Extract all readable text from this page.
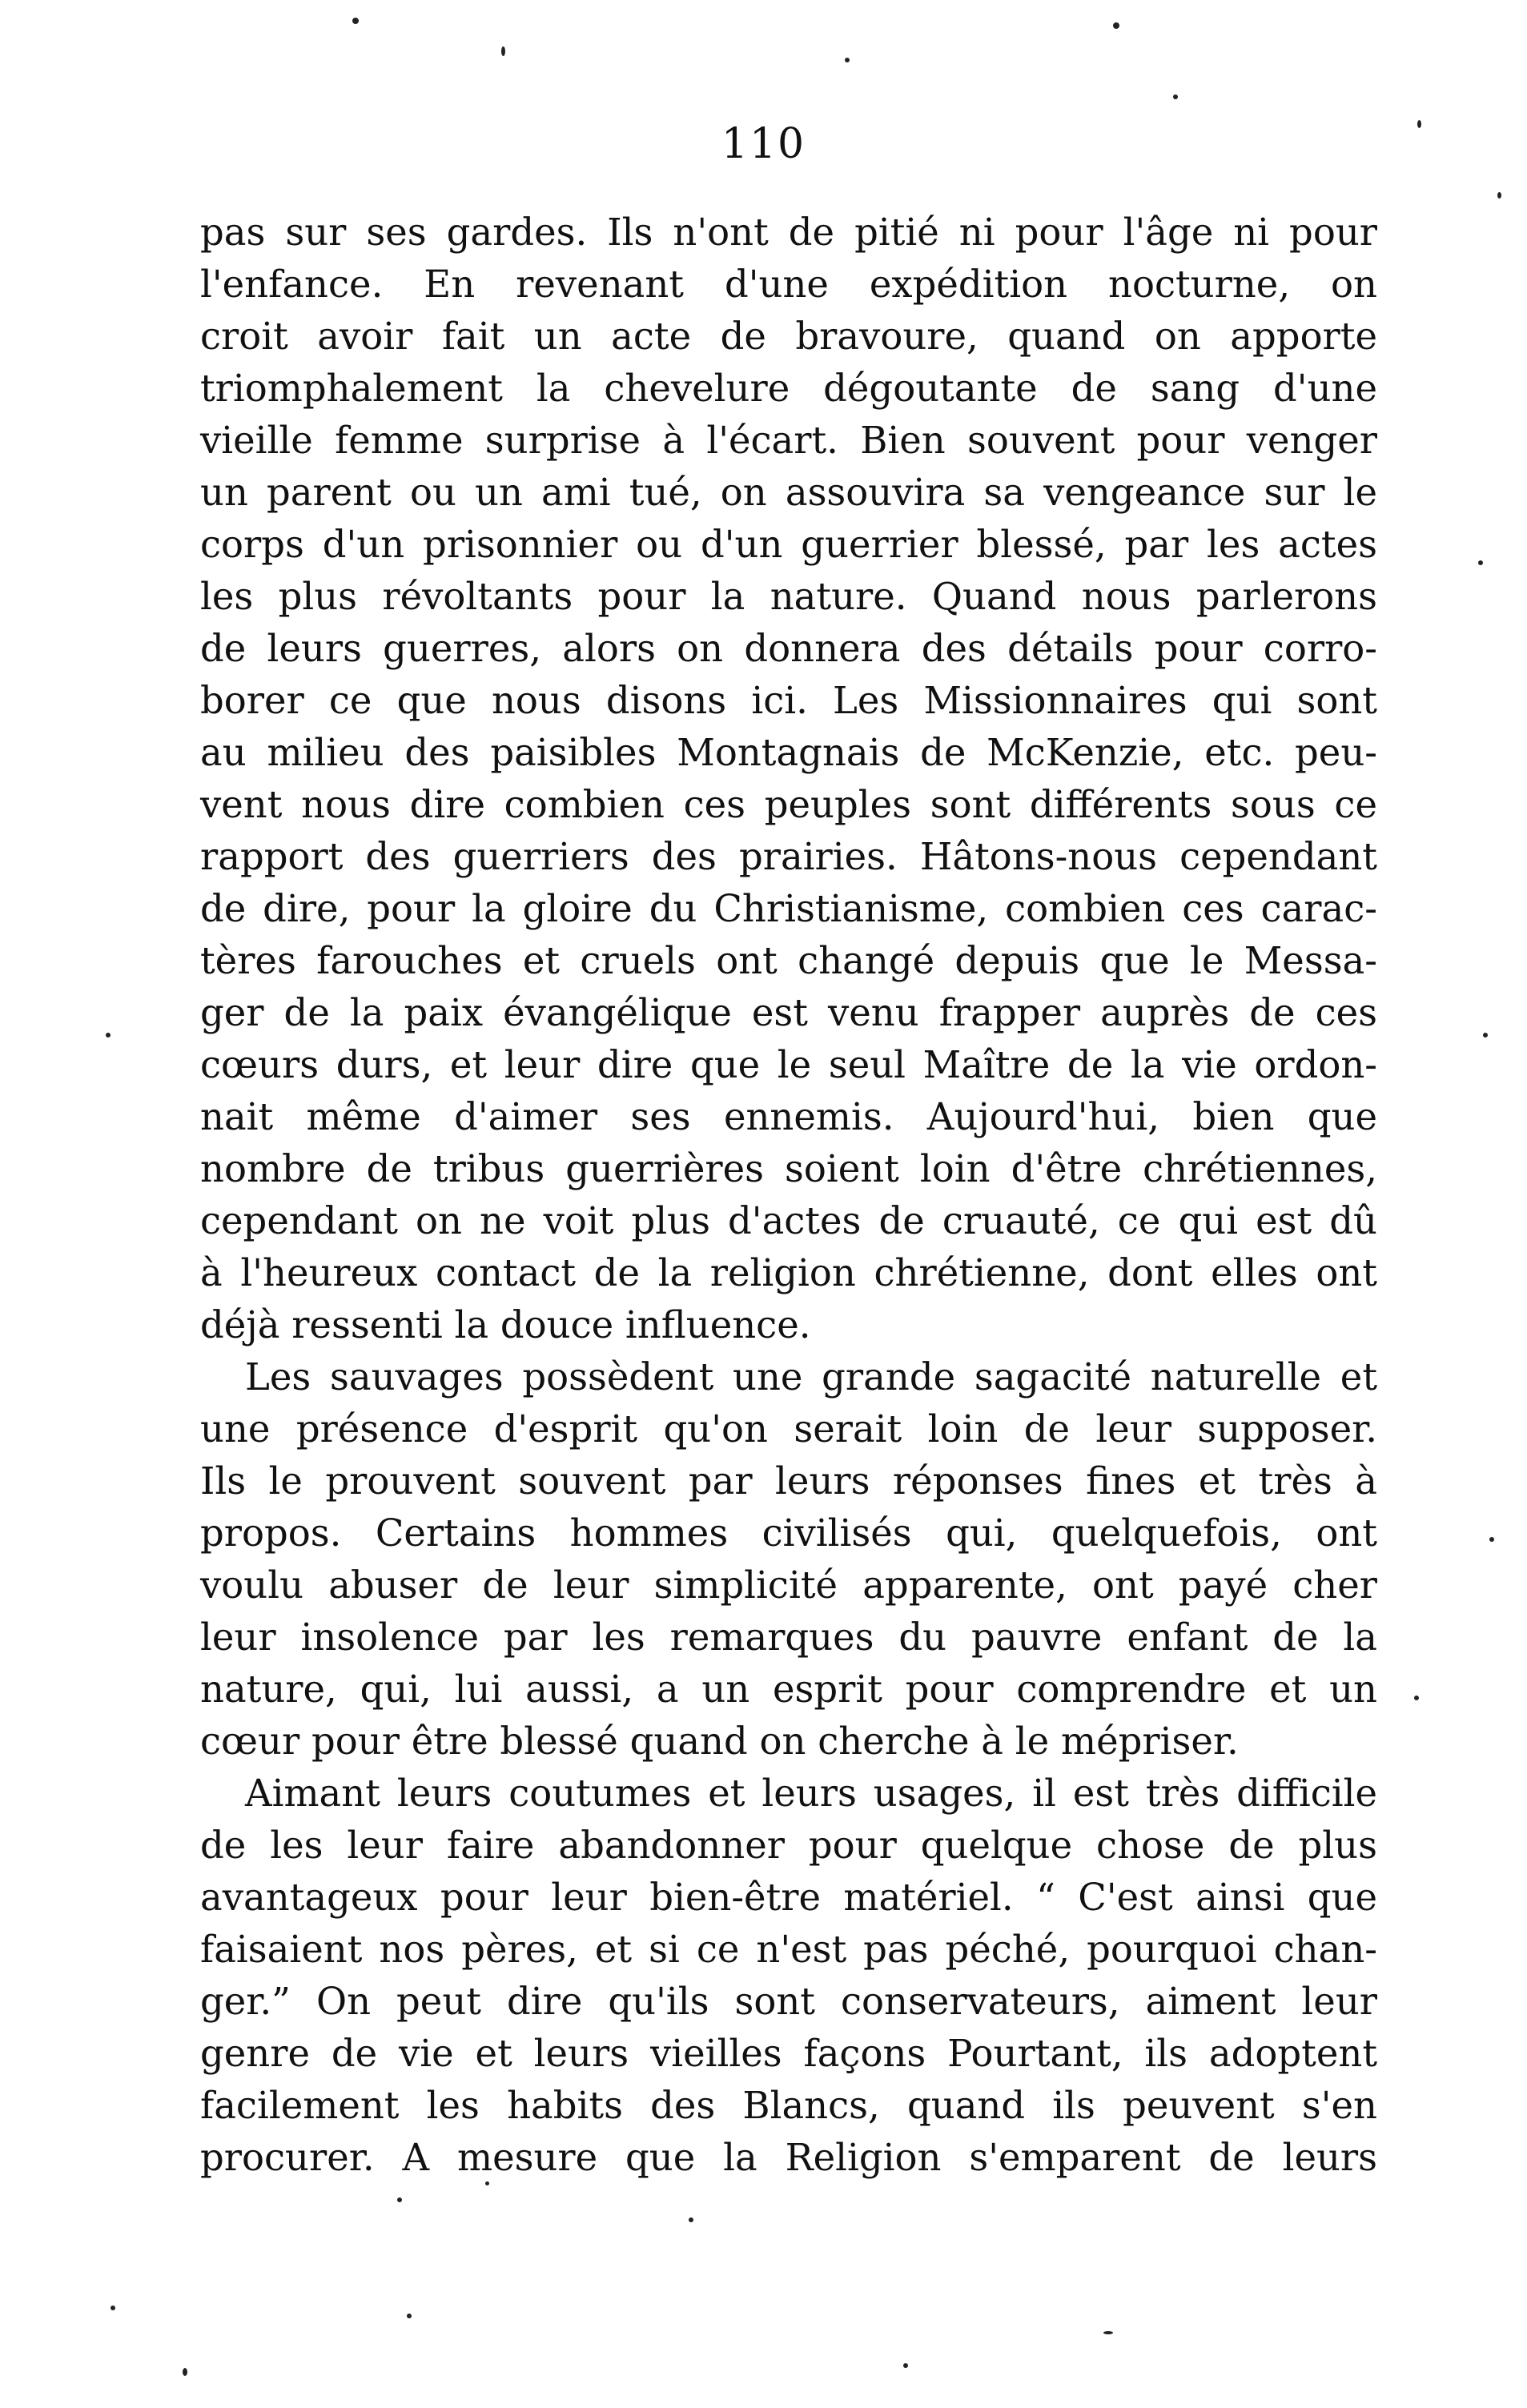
110
pas sur ses gardes. Ils n'ont de pitié ni pour l'âge ni pour
l'enfance. En revenant d'une expédition nocturne, on
croit avoir fait un acte de bravoure, quand on apporte
triomphalement la chevelure dégoutante de sang d'une
vieille femme surprise à l'écart. Bien souvent pour venger
un parent ou un ami tué, on assouvira sa vengeance sur le
corps d'un prisonnier ou d'un guerrier blessé, par les actes
les plus révoltants pour la nature. Quand nous parlerons
de leurs guerres, alors on donnera des détails pour corro-
borer ce que nous disons ici. Les Missionnaires qui sont
au milieu des paisibles Montagnais de McKenzie, etc. peu-
vent nous dire combien ces peuples sont différents sous ce
rapport des guerriers des prairies. Hâtons-nous cependant
de dire, pour la gloire du Christianisme, combien ces carac-
tères farouches et cruels ont changé depuis que le Messa-
ger de la paix évangélique est venu frapper auprès de ces
cœurs durs, et leur dire que le seul Maître de la vie ordon-
nait même d'aimer ses ennemis. Aujourd'hui, bien que
nombre de tribus guerrières soient loin d'être chrétiennes,
cependant on ne voit plus d'actes de cruauté, ce qui est dû
à l'heureux contact de la religion chrétienne, dont elles ont
déjà ressenti la douce influence.
Les sauvages possèdent une grande sagacité naturelle et
une présence d'esprit qu'on serait loin de leur supposer.
Ils le prouvent souvent par leurs réponses fines et très à
propos. Certains hommes civilisés qui, quelquefois, ont
voulu abuser de leur simplicité apparente, ont payé cher
leur insolence par les remarques du pauvre enfant de la
nature, qui, lui aussi, a un esprit pour comprendre et un
cœur pour être blessé quand on cherche à le mépriser.
Aimant leurs coutumes et leurs usages, il est très difficile
de les leur faire abandonner pour quelque chose de plus
avantageux pour leur bien-être matériel. “ C'est ainsi que
faisaient nos pères, et si ce n'est pas péché, pourquoi chan-
ger.” On peut dire qu'ils sont conservateurs, aiment leur
genre de vie et leurs vieilles façons Pourtant, ils adoptent
facilement les habits des Blancs, quand ils peuvent s'en
procurer. A mesure que la Religion s'emparent de leurs
